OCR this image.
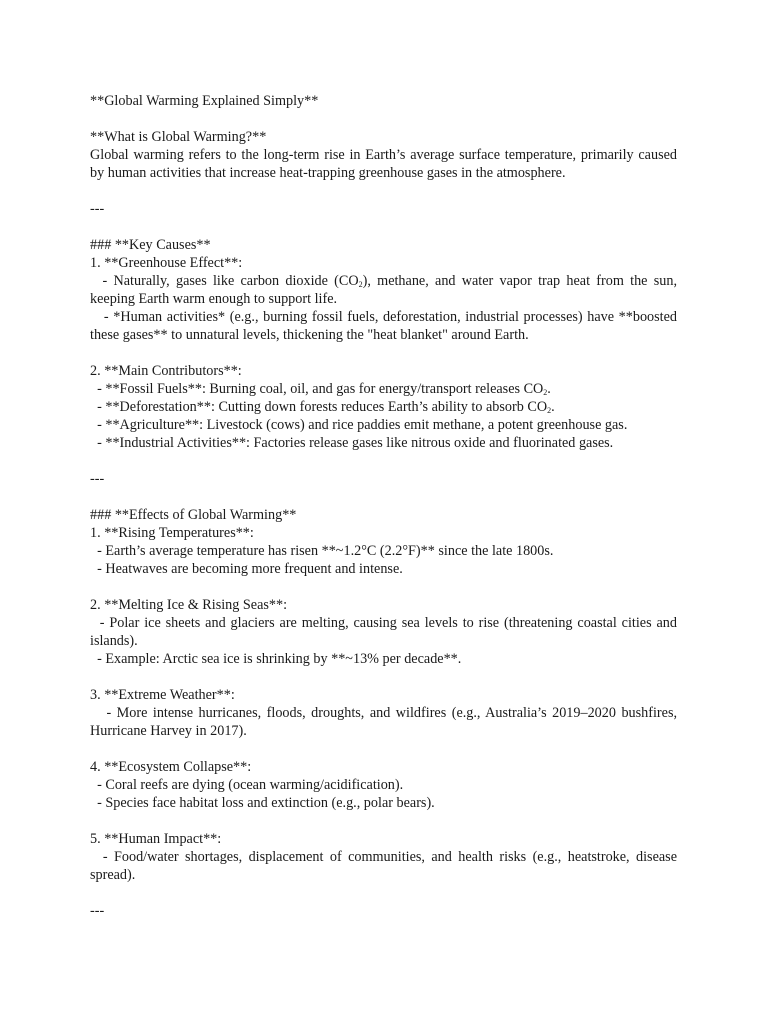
**Global Warming Explained Simply**
**What is Global Warming?**
Global warming refers to the long-term rise in Earth’s average surface temperature, primarily caused by human activities that increase heat-trapping greenhouse gases in the atmosphere.
---
### **Key Causes**
1. **Greenhouse Effect**:
- Naturally, gases like carbon dioxide $(CO_2)$, methane, and water vapor trap heat from the sun, keeping Earth warm enough to support life.
- *Human activities* (e.g., burning fossil fuels, deforestation, industrial processes) have **boosted these gases** to unnatural levels, thickening the "heat blanket" around Earth.
2. **Main Contributors**:
- **Fossil Fuels**: Burning coal, oil, and gas for energy/transport releases $CO_2$.
- **Deforestation**: Cutting down forests reduces Earth’s ability to absorb $CO_2$.
- **Agriculture**: Livestock (cows) and rice paddies emit methane, a potent greenhouse gas.
- **Industrial Activities**: Factories release gases like nitrous oxide and fluorinated gases.
---
### **Effects of Global Warming**
1. **Rising Temperatures**:
- Earth’s average temperature has risen **~1.2°C (2.2°F)** since the late 1800s.
- Heatwaves are becoming more frequent and intense.
2. **Melting Ice & Rising Seas**:
- Polar ice sheets and glaciers are melting, causing sea levels to rise (threatening coastal cities and islands).
- Example: Arctic sea ice is shrinking by **~13% per decade**.
3. **Extreme Weather**:
- More intense hurricanes, floods, droughts, and wildfires (e.g., Australia’s 2019–2020 bushfires, Hurricane Harvey in 2017).
4. **Ecosystem Collapse**:
- Coral reefs are dying (ocean warming/acidification).
- Species face habitat loss and extinction (e.g., polar bears).
5. **Human Impact**:
- Food/water shortages, displacement of communities, and health risks (e.g., heatstroke, disease spread).
---
